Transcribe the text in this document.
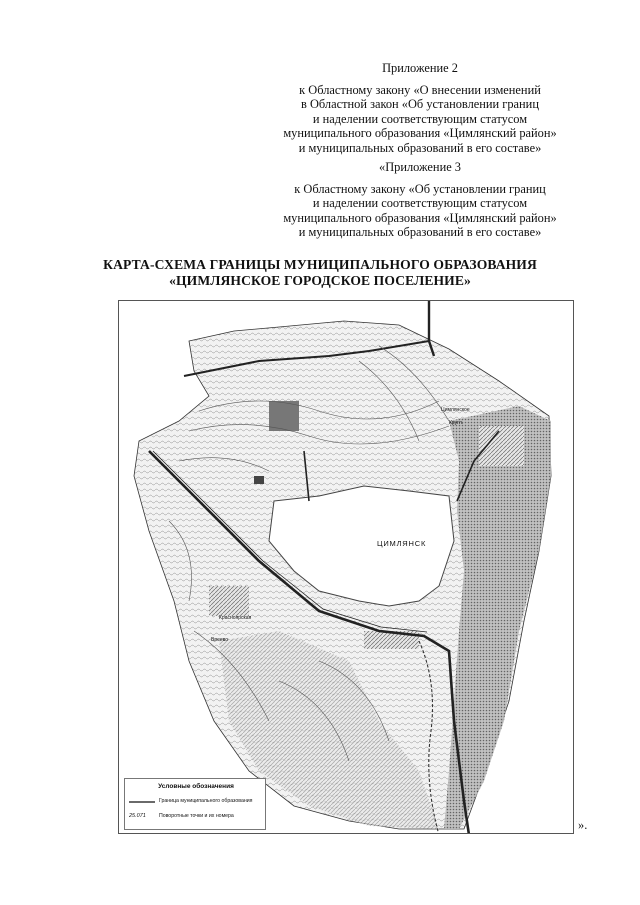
Приложение 2
к Областному закону «О внесении изменений
в Областной закон «Об установлении границ
и наделении соответствующим статусом
муниципального образования «Цимлянский район»
и муниципальных образований в его составе»
«Приложение 3
к Областному закону «Об установлении границ
и наделении соответствующим статусом
муниципального образования «Цимлянский район»
и муниципальных образований в его составе»
КАРТА-СХЕМА ГРАНИЦЫ МУНИЦИПАЛЬНОГО ОБРАЗОВАНИЯ
«ЦИМЛЯНСКОЕ ГОРОДСКОЕ ПОСЕЛЕНИЕ»
ЦИМЛЯНСК
Красноярская
Вреево
Цимлянское
Кругл.
Условные обозначения
Граница муниципального образования
25.071	Поворотные точки и их номера
».
